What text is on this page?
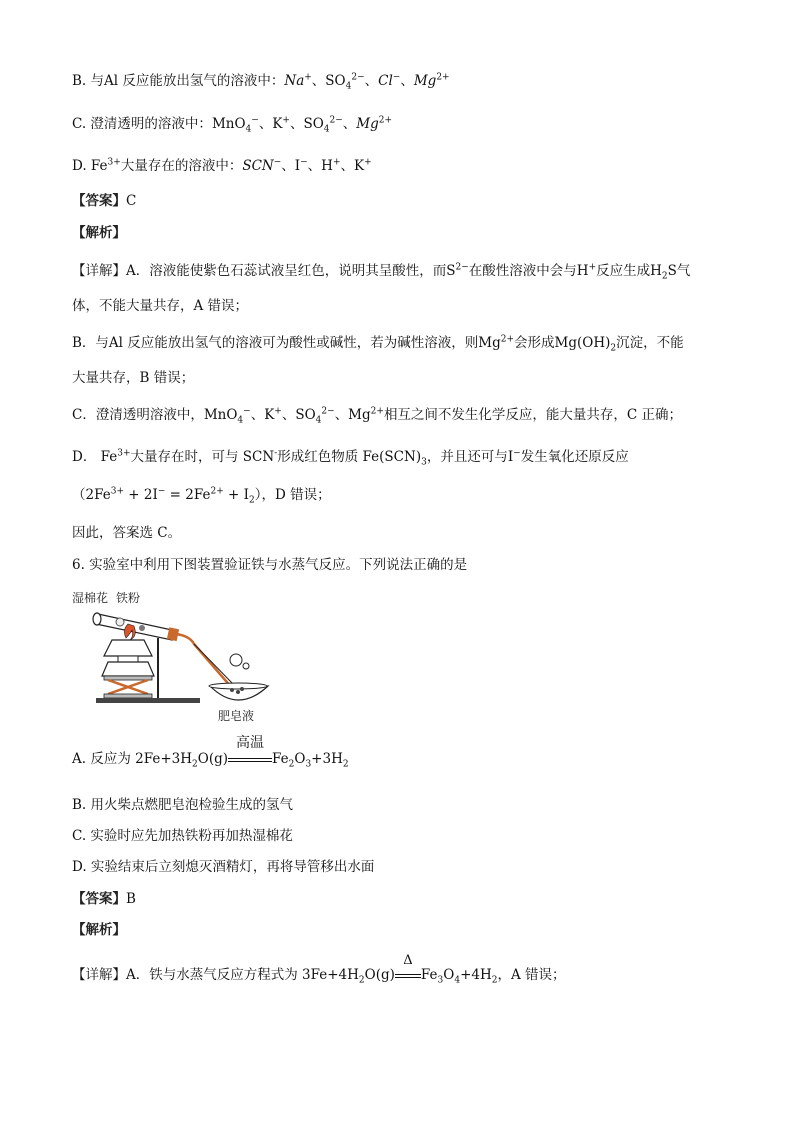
B. 与Al 反应能放出氢气的溶液中：Na+、$SO_4^{2-}$、Cl−、$Mg^{2+}$
C. 澄清透明的溶液中：MnO$_4$−、K+、$SO_4^{2-}$、$Mg^{2+}$
D. $Fe^{3+}$大量存在的溶液中：SCN−、I−、H+、K+
【答案】C
【解析】
【详解】A．溶液能使紫色石蕊试液呈红色，说明其呈酸性，而$S^{2-}$在酸性溶液中会与H+反应生成$H_2S$气
体，不能大量共存，A 错误；
B．与Al 反应能放出氢气的溶液可为酸性或碱性，若为碱性溶液，则$Mg^{2+}$会形成$Mg(OH)_2$沉淀，不能
大量共存，B 错误；
C．澄清透明溶液中，MnO$_4$−、K+、$SO_4^{2-}$、$Mg^{2+}$相互之间不发生化学反应，能大量共存，C 正确；
D． $Fe^{3+}$大量存在时，可与 SCN-形成红色物质 $Fe(SCN)_3$，并且还可与I−发生氧化还原反应
$(2Fe^{3+} + 2I^- = 2Fe^{2+} + I_2)$，D 错误；
因此，答案选 C。
6. 实验室中利用下图装置验证铁与水蒸气反应。下列说法正确的是
湿棉花 铁粉
肥皂液
A. 反应为 $2Fe+3H_2O(g)$
高温
$Fe_2O_3+3H_2$
B. 用火柴点燃肥皂泡检验生成的氢气
C. 实验时应先加热铁粉再加热湿棉花
D. 实验结束后立刻熄灭酒精灯，再将导管移出水面
【答案】B
【解析】
【详解】A．铁与水蒸气反应方程式为 $3Fe+4H_2O(g)$
Δ
$Fe_3O_4+4H_2$，A 错误；
